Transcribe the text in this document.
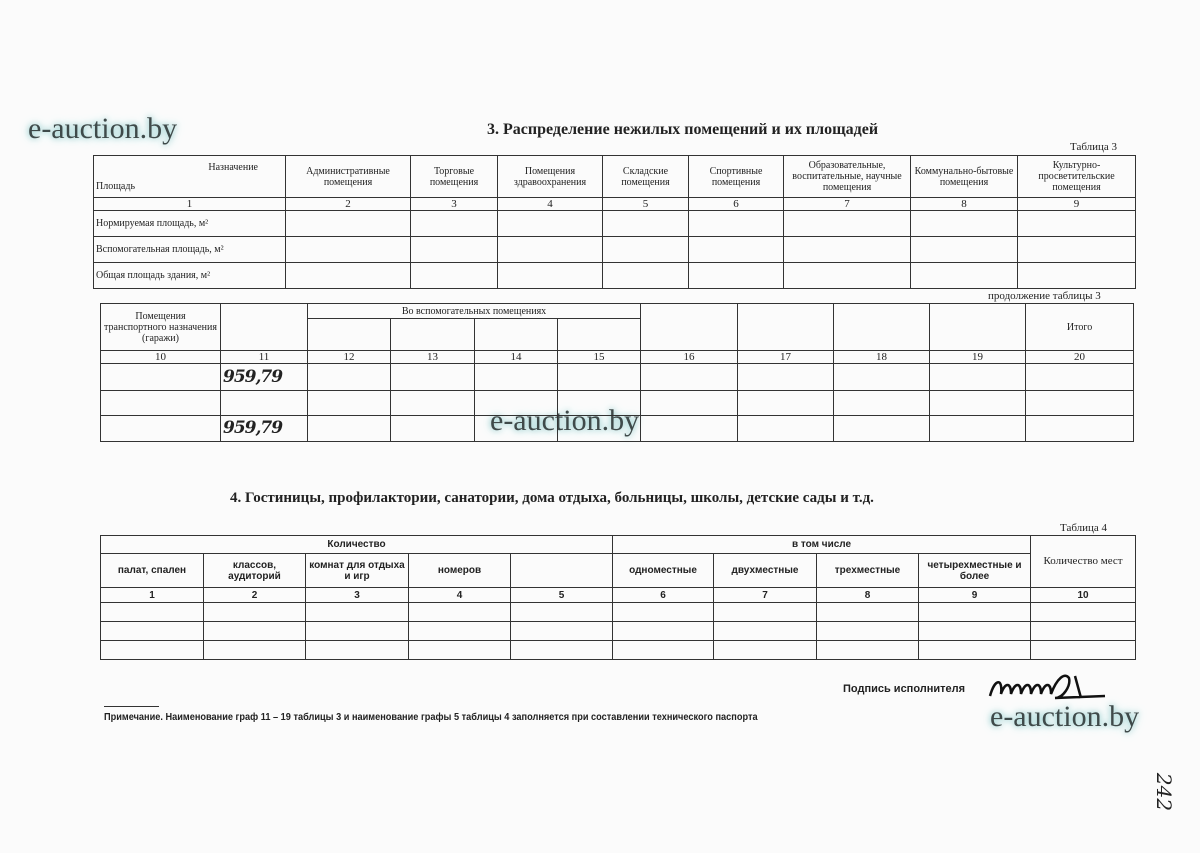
e-auction.by
e-auction.by
e-auction.by
3. Распределение нежилых помещений и их площадей
Таблица 3
Назначение
Площадь	Административные помещения	Торговые помещения	Помещения здравоохранения	Складские помещения	Спортивные помещения	Образовательные, воспитательные, научные помещения	Коммунально-бытовые помещения	Культурно-просветительские помещения
1	2	3	4	5	6	7	8	9
Нормируемая площадь, м²								
Вспомогательная площадь, м²								
Общая площадь здания, м²								
продолжение таблицы 3
Помещения транспортного назначения (гаражи)		Во вспомогательных помещениях								Итого

10	11	12	13	14	15	16	17	18	19	20
	959,79									

	959,79									
4. Гостиницы, профилактории, санатории, дома отдыха, больницы, школы, детские сады и т.д.
Таблица 4
Количество					в том числе				Количество мест
палат, спален	классов, аудиторий	комнат для отдыха и игр	номеров		одноместные	двухместные	трехместные	четырехместные и более	
1	2	3	4	5	6	7	8	9	10

Подпись исполнителя
Примечание. Наименование граф 11 – 19 таблицы 3 и наименование графы 5 таблицы 4 заполняется при составлении технического паспорта
242
